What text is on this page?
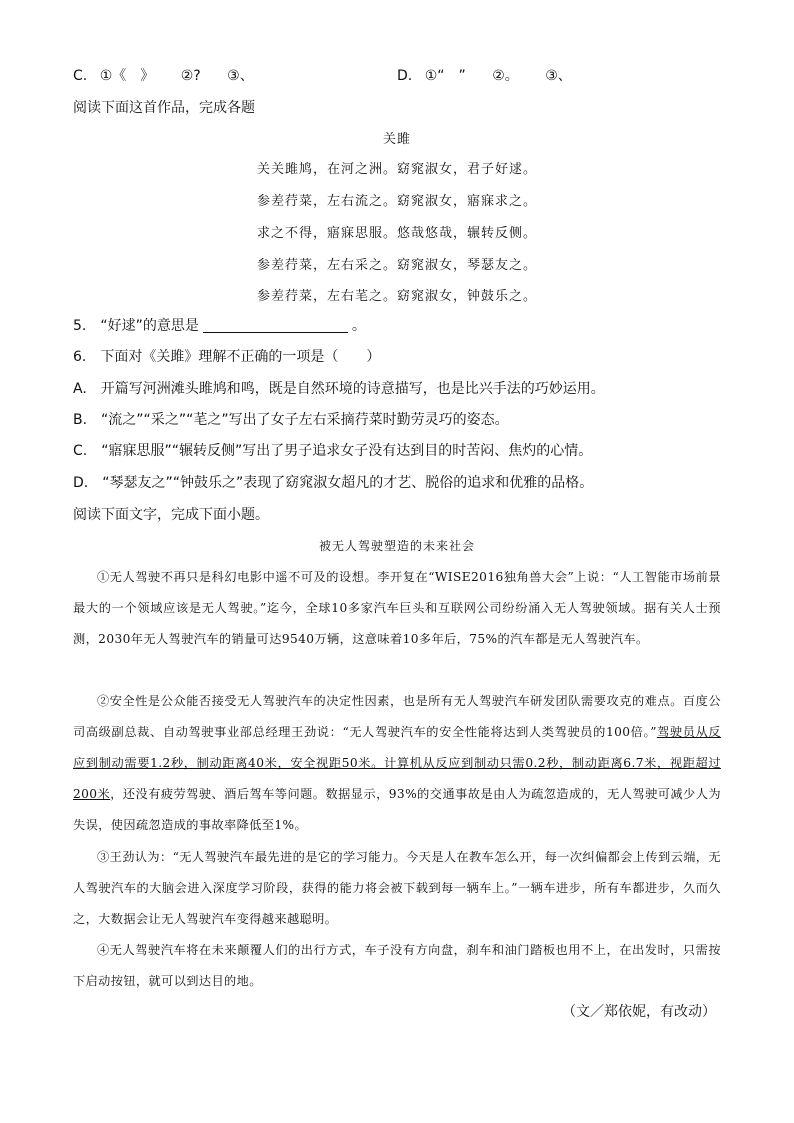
C. ①《　》 ②? ③、	D. ①“　” ②。 ③、
阅读下面这首作品，完成各题
关雎
关关雎鸠，在河之洲。窈窕淑女，君子好逑。
参差荇菜，左右流之。窈窕淑女，寤寐求之。
求之不得，寤寐思服。悠哉悠哉，辗转反侧。
参差荇菜，左右采之。窈窕淑女，琴瑟友之。
参差荇菜，左右芼之。窈窕淑女，钟鼓乐之。
5.　“好逑”的意思是	。
6.　下面对《关雎》理解不正确的一项是（　　）
A.　开篇写河洲滩头雎鸠和鸣，既是自然环境的诗意描写，也是比兴手法的巧妙运用。
B.　“流之”“采之”“芼之”写出了女子左右采摘荇菜时勤劳灵巧的姿态。
C.　“寤寐思服”“辗转反侧”写出了男子追求女子没有达到目的时苦闷、焦灼的心情。
D.　“琴瑟友之”“钟鼓乐之”表现了窈窕淑女超凡的才艺、脱俗的追求和优雅的品格。
阅读下面文字，完成下面小题。
被无人驾驶塑造的未来社会
①无人驾驶不再只是科幻电影中遥不可及的设想。李开复在“WISE2016独角兽大会”上说：“人工智能市场前景最大的一个领域应该是无人驾驶。”迄今，全球10多家汽车巨头和互联网公司纷纷涌入无人驾驶领域。据有关人士预测，2030年无人驾驶汽车的销量可达9540万辆，这意味着10多年后，75%的汽车都是无人驾驶汽车。
②安全性是公众能否接受无人驾驶汽车的决定性因素，也是所有无人驾驶汽车研发团队需要攻克的难点。百度公司高级副总裁、自动驾驶事业部总经理王劲说：“无人驾驶汽车的安全性能将达到人类驾驶员的100倍。”驾驶员从反应到制动需要1.2秒，制动距离40米，安全视距50米。计算机从反应到制动只需0.2秒，制动距离6.7米，视距超过200米，还没有疲劳驾驶、酒后驾车等问题。数据显示，93%的交通事故是由人为疏忽造成的，无人驾驶可减少人为失误，使因疏忽造成的事故率降低至1%。
③王劲认为：“无人驾驶汽车最先进的是它的学习能力。今天是人在教车怎么开，每一次纠偏都会上传到云端，无人驾驶汽车的大脑会进入深度学习阶段，获得的能力将会被下载到每一辆车上。”一辆车进步，所有车都进步，久而久之，大数据会让无人驾驶汽车变得越来越聪明。
④无人驾驶汽车将在未来颠覆人们的出行方式，车子没有方向盘，刹车和油门踏板也用不上，在出发时，只需按下启动按钮，就可以到达目的地。
（文／郑依妮，有改动）
